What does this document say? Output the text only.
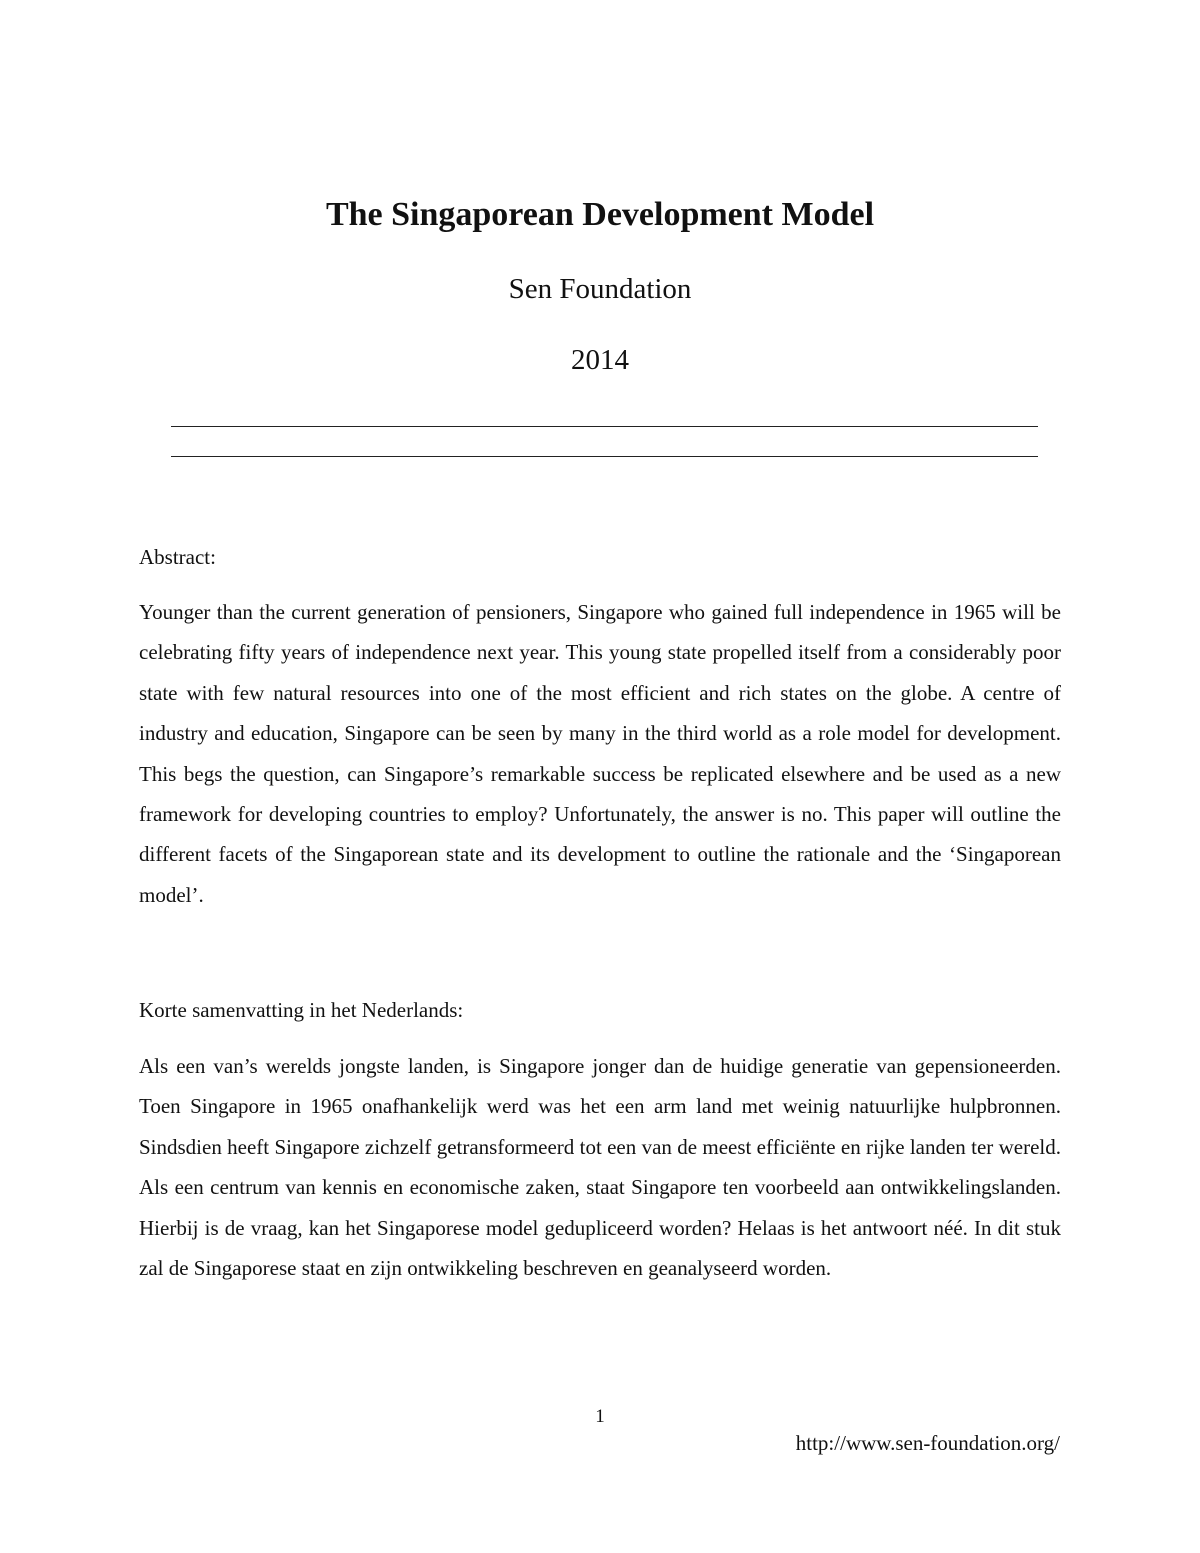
The Singaporean Development Model
Sen Foundation
2014
Abstract:

Younger than the current generation of pensioners, Singapore who gained full independence in 1965 will be celebrating fifty years of independence next year. This young state propelled itself from a considerably poor state with few natural resources into one of the most efficient and rich states on the globe. A centre of industry and education, Singapore can be seen by many in the third world as a role model for development. This begs the question, can Singapore’s remarkable success be replicated elsewhere and be used as a new framework for developing countries to employ? Unfortunately, the answer is no. This paper will outline the different facets of the Singaporean state and its development to outline the rationale and the ‘Singaporean model’.

Korte samenvatting in het Nederlands:

Als een van’s werelds jongste landen, is Singapore jonger dan de huidige generatie van gepensioneerden. Toen Singapore in 1965 onafhankelijk werd was het een arm land met weinig natuurlijke hulpbronnen. Sindsdien heeft Singapore zichzelf getransformeerd tot een van de meest efficiënte en rijke landen ter wereld. Als een centrum van kennis en economische zaken, staat Singapore ten voorbeeld aan ontwikkelingslanden. Hierbij is de vraag, kan het Singaporese model gedupliceerd worden? Helaas is het antwoort néé. In dit stuk zal de Singaporese staat en zijn ontwikkeling beschreven en geanalyseerd worden.

1
http://www.sen-foundation.org/
